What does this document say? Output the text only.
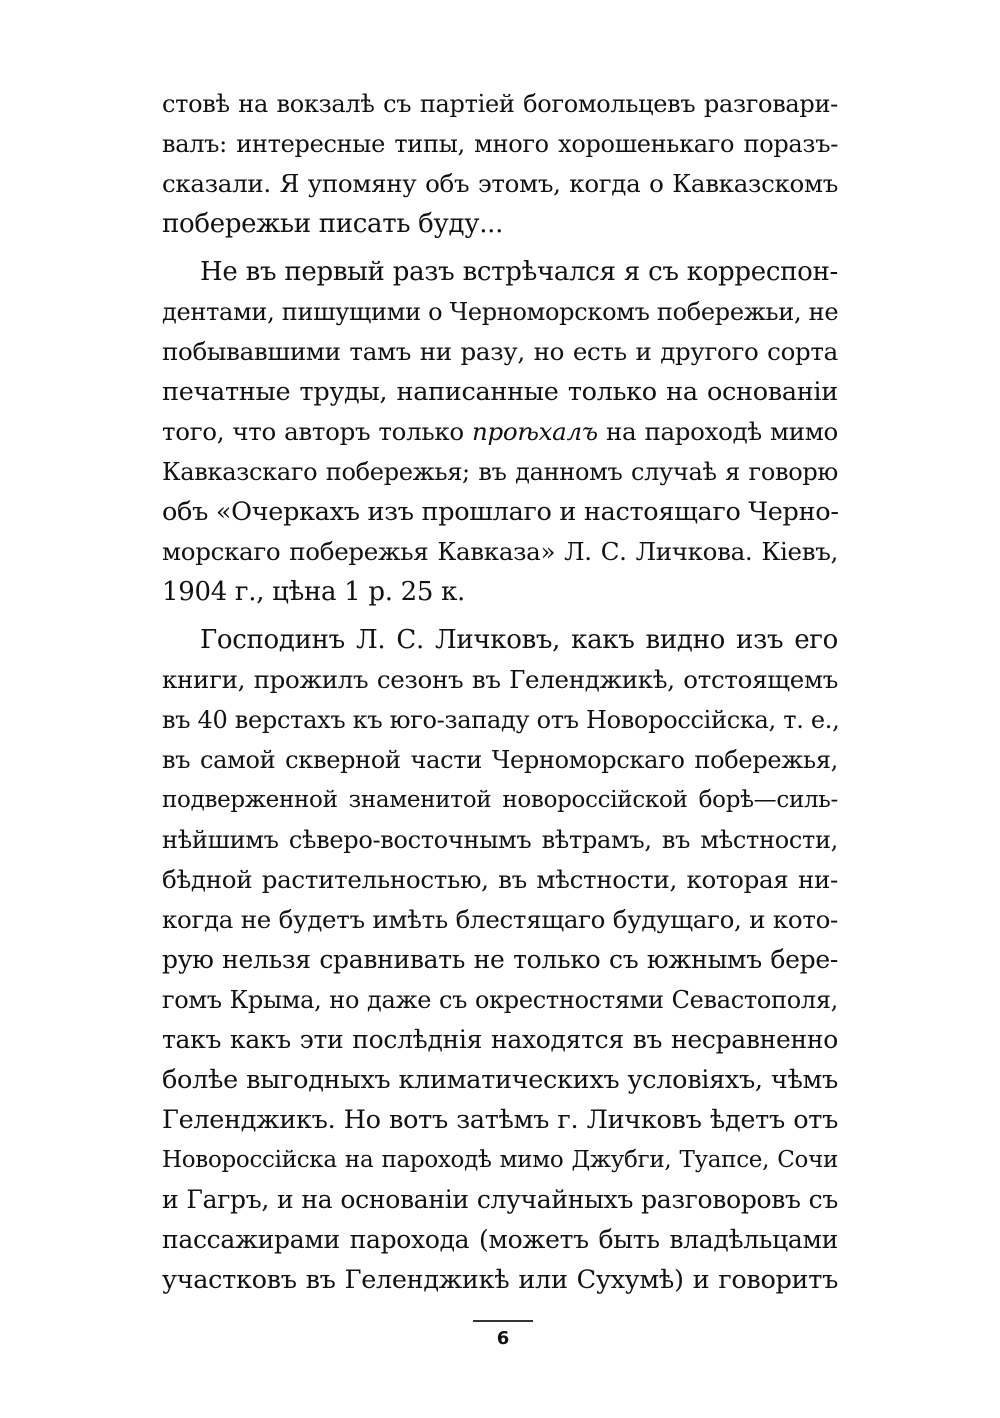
стовѣ на вокзалѣ съ партіей богомольцевъ разговари-
валъ: интересные типы, много хорошенькаго поразъ-
сказали. Я упомяну объ этомъ, когда о Кавказскомъ
побережьи писать буду...
Не въ первый разъ встрѣчался я съ корреспон-
дентами, пишущими о Черноморскомъ побережьи, не
побывавшими тамъ ни разу, но есть и другого сорта
печатные труды, написанные только на основаніи
того, что авторъ только проѣхалъ на пароходѣ мимо
Кавказскаго побережья; въ данномъ случаѣ я говорю
объ «Очеркахъ изъ прошлаго и настоящаго Черно-
морскаго побережья Кавказа» Л. С. Личкова. Кіевъ,
1904 г., цѣна 1 р. 25 к.
Господинъ Л. С. Личковъ, какъ видно изъ его
книги, прожилъ сезонъ въ Геленджикѣ, отстоящемъ
въ 40 верстахъ къ юго-западу отъ Новороссійска, т. е.,
въ самой скверной части Черноморскаго побережья,
подверженной знаменитой новороссійской борѣ—силь-
нѣйшимъ сѣверо-восточнымъ вѣтрамъ, въ мѣстности,
бѣдной растительностью, въ мѣстности, которая ни-
когда не будетъ имѣть блестящаго будущаго, и кото-
рую нельзя сравнивать не только съ южнымъ бере-
гомъ Крыма, но даже съ окрестностями Севастополя,
такъ какъ эти послѣднія находятся въ несравненно
болѣе выгодныхъ климатическихъ условіяхъ, чѣмъ
Геленджикъ. Но вотъ затѣмъ г. Личковъ ѣдетъ отъ
Новороссійска на пароходѣ мимо Джубги, Туапсе, Сочи
и Гагръ, и на основаніи случайныхъ разговоровъ съ
пассажирами парохода (можетъ быть владѣльцами
участковъ въ Геленджикѣ или Сухумѣ) и говоритъ
6
